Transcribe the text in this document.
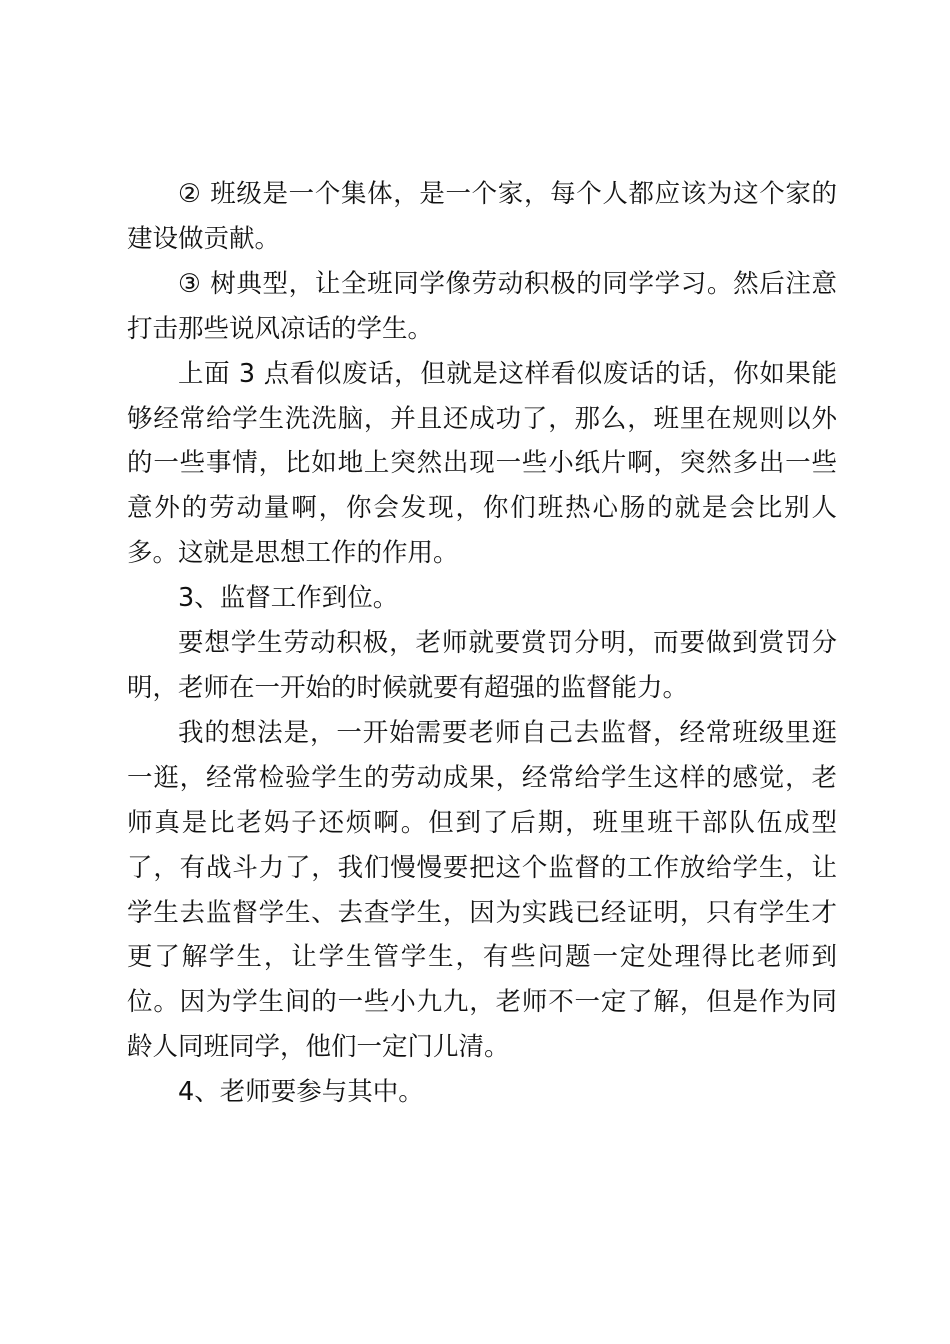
② 班级是一个集体，是一个家，每个人都应该为这个家的建设做贡献。

③ 树典型，让全班同学像劳动积极的同学学习。然后注意打击那些说风凉话的学生。

上面 3 点看似废话，但就是这样看似废话的话，你如果能够经常给学生洗洗脑，并且还成功了，那么，班里在规则以外的一些事情，比如地上突然出现一些小纸片啊，突然多出一些意外的劳动量啊，你会发现，你们班热心肠的就是会比别人多。这就是思想工作的作用。

3、监督工作到位。

要想学生劳动积极，老师就要赏罚分明，而要做到赏罚分明，老师在一开始的时候就要有超强的监督能力。

我的想法是，一开始需要老师自己去监督，经常班级里逛一逛，经常检验学生的劳动成果，经常给学生这样的感觉，老师真是比老妈子还烦啊。但到了后期，班里班干部队伍成型了，有战斗力了，我们慢慢要把这个监督的工作放给学生，让学生去监督学生、去查学生，因为实践已经证明，只有学生才更了解学生，让学生管学生，有些问题一定处理得比老师到位。因为学生间的一些小九九，老师不一定了解，但是作为同龄人同班同学，他们一定门儿清。

4、老师要参与其中。
